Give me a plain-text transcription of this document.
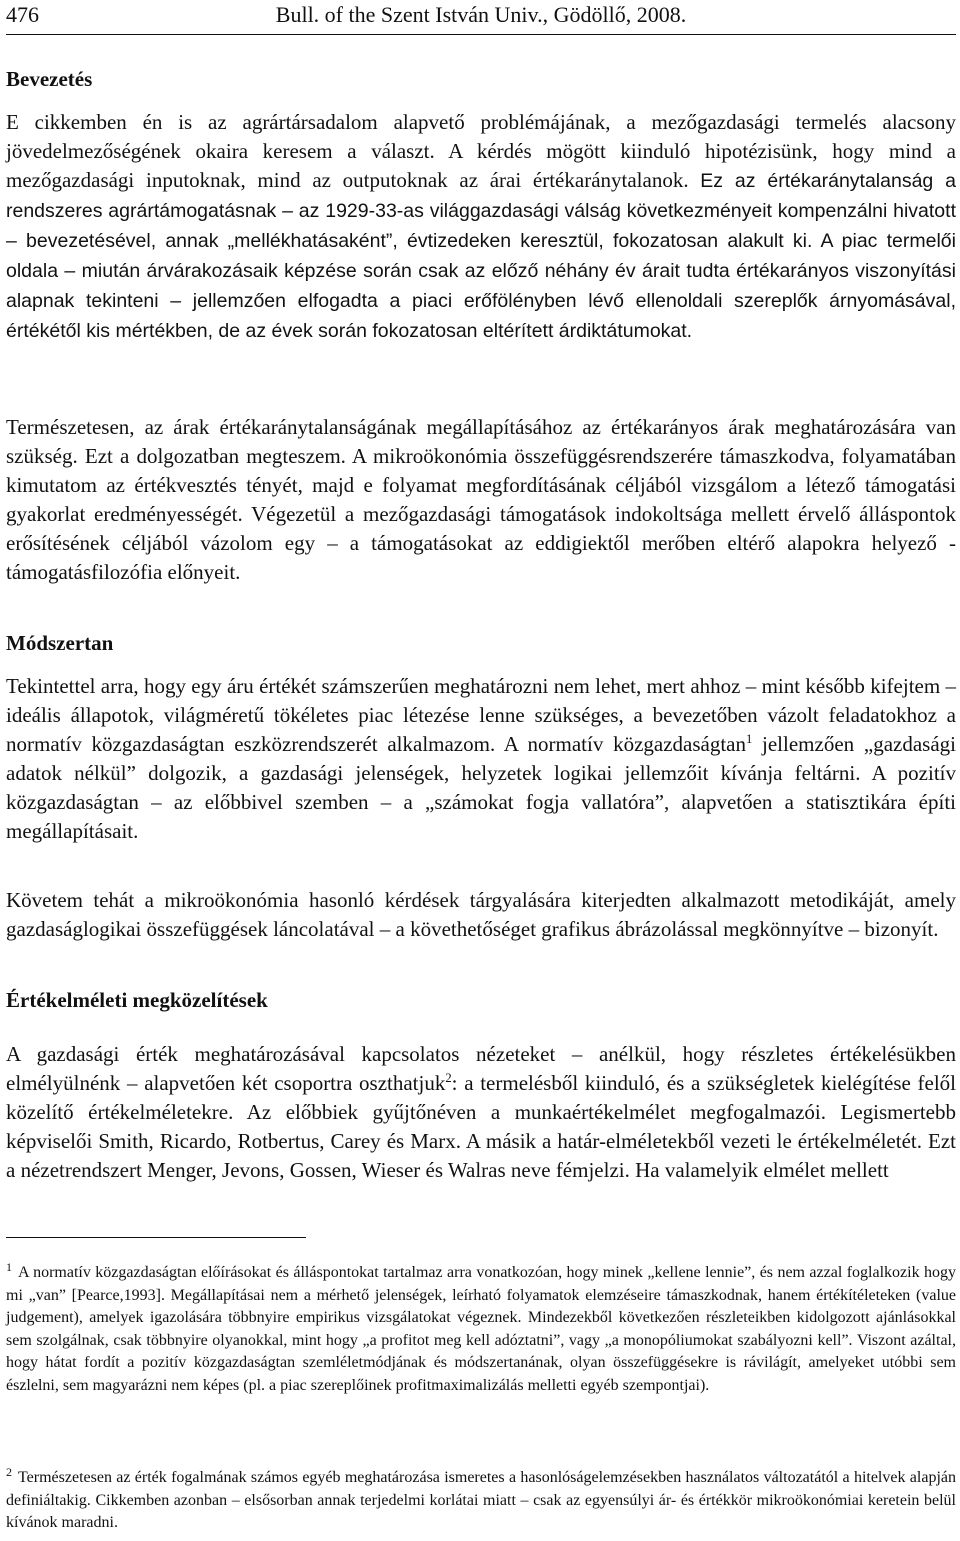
476	Bull. of the Szent István Univ., Gödöllő, 2008.
Bevezetés

E cikkemben én is az agrártársadalom alapvető problémájának, a mezőgazdasági termelés alacsony jövedelmezőségének okaira keresem a választ. A kérdés mögött kiinduló hipotézisünk, hogy mind a mezőgazdasági inputoknak, mind az outputoknak az árai értékaránytalanok. Ez az értékaránytalanság a rendszeres agrártámogatásnak – az 1929-33-as világgazdasági válság következményeit kompenzálni hivatott – bevezetésével, annak „mellékhatásaként”, évtizedeken keresztül, fokozatosan alakult ki. A piac termelői oldala – miután árvárakozásaik képzése során csak az előző néhány év árait tudta értékarányos viszonyítási alapnak tekinteni – jellemzően elfogadta a piaci erőfölényben lévő ellenoldali szereplők árnyomásával, értékétől kis mértékben, de az évek során fokozatosan eltérített árdiktátumokat.

Természetesen, az árak értékaránytalanságának megállapításához az értékarányos árak meghatározására van szükség. Ezt a dolgozatban megteszem. A mikroökonómia összefüggésrendszerére támaszkodva, folyamatában kimutatom az értékvesztés tényét, majd e folyamat megfordításának céljából vizsgálom a létező támogatási gyakorlat eredményességét. Végezetül a mezőgazdasági támogatások indokoltsága mellett érvelő álláspontok erősítésének céljából vázolom egy – a támogatásokat az eddigiektől merőben eltérő alapokra helyező - támogatásfilozófia előnyeit.

Módszertan

Tekintettel arra, hogy egy áru értékét számszerűen meghatározni nem lehet, mert ahhoz – mint később kifejtem – ideális állapotok, világméretű tökéletes piac létezése lenne szükséges, a bevezetőben vázolt feladatokhoz a normatív közgazdaságtan eszközrendszerét alkalmazom. A normatív közgazdaságtan$^1$ jellemzően „gazdasági adatok nélkül” dolgozik, a gazdasági jelenségek, helyzetek logikai jellemzőit kívánja feltárni. A pozitív közgazdaságtan – az előbbivel szemben – a „számokat fogja vallatóra”, alapvetően a statisztikára építi megállapításait.

Követem tehát a mikroökonómia hasonló kérdések tárgyalására kiterjedten alkalmazott metodikáját, amely gazdaságlogikai összefüggések láncolatával – a követhetőséget grafikus ábrázolással megkönnyítve – bizonyít.

Értékelméleti megközelítések

A gazdasági érték meghatározásával kapcsolatos nézeteket – anélkül, hogy részletes értékelésükben elmélyülnénk – alapvetően két csoportra oszthatjuk$^2$: a termelésből kiinduló, és a szükségletek kielégítése felől közelítő értékelméletekre. Az előbbiek gyűjtőnéven a munkaértékelmélet megfogalmazói. Legismertebb képviselői Smith, Ricardo, Rotbertus, Carey és Marx. A másik a határ-elméletekből vezeti le értékelméletét. Ezt a nézetrendszert Menger, Jevons, Gossen, Wieser és Walras neve fémjelzi. Ha valamelyik elmélet mellett

$^1$ A normatív közgazdaságtan előírásokat és álláspontokat tartalmaz arra vonatkozóan, hogy minek „kellene lennie”, és nem azzal foglalkozik hogy mi „van” [Pearce,1993]. Megállapításai nem a mérhető jelenségek, leírható folyamatok elemzéseire támaszkodnak, hanem értékítéleteken (value judgement), amelyek igazolására többnyire empirikus vizsgálatokat végeznek. Mindezekből következően részleteikben kidolgozott ajánlásokkal sem szolgálnak, csak többnyire olyanokkal, mint hogy „a profitot meg kell adóztatni”, vagy „a monopóliumokat szabályozni kell”. Viszont azáltal, hogy hátat fordít a pozitív közgazdaságtan szemléletmódjának és módszertanának, olyan összefüggésekre is rávilágít, amelyeket utóbbi sem észlelni, sem magyarázni nem képes (pl. a piac szereplőinek profitmaximalizálás melletti egyéb szempontjai).

$^2$ Természetesen az érték fogalmának számos egyéb meghatározása ismeretes a hasonlóságelemzésekben használatos változatától a hitelvek alapján definiáltakig. Cikkemben azonban – elsősorban annak terjedelmi korlátai miatt – csak az egyensúlyi ár- és értékkör mikroökonómiai keretein belül kívánok maradni.
